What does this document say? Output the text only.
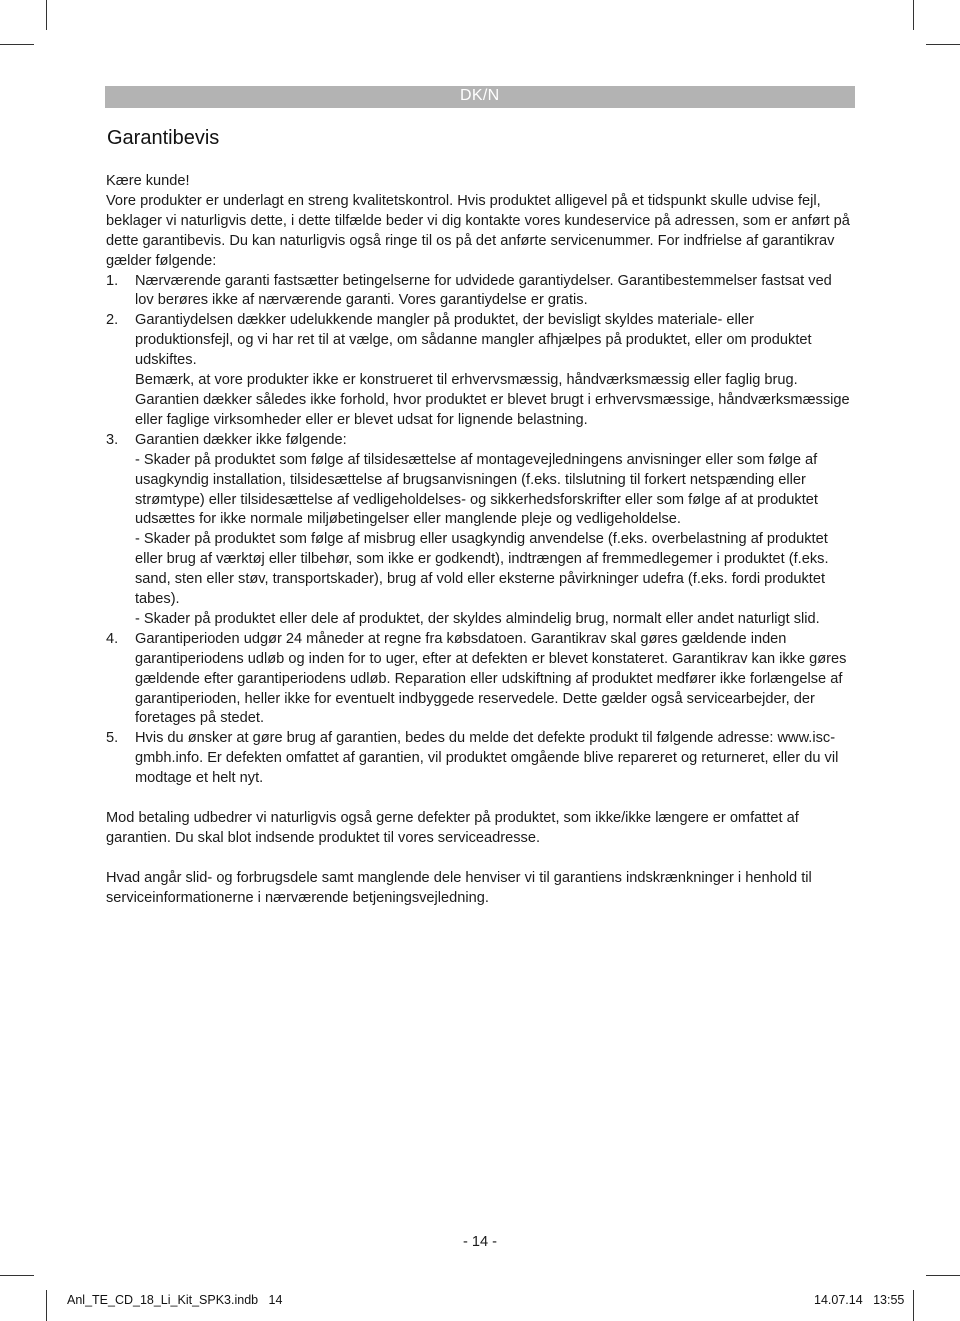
DK/N
Garantibevis

Kære kunde!

Vore produkter er underlagt en streng kvalitetskontrol. Hvis produktet alligevel på et tidspunkt skulle udvise fejl, beklager vi naturligvis dette, i dette tilfælde beder vi dig kontakte vores kundeservice på adressen, som er anført på dette garantibevis. Du kan naturligvis også ringe til os på det anførte servicenummer. For indfrielse af garantikrav gælder følgende:

1.	Nærværende garanti fastsætter betingelserne for udvidede garantiydelser. Garantibestemmelser fastsat ved lov berøres ikke af nærværende garanti. Vores garantiydelse er gratis.

2.	Garantiydelsen dækker udelukkende mangler på produktet, der bevisligt skyldes materiale- eller produktionsfejl, og vi har ret til at vælge, om sådanne mangler afhjælpes på produktet, eller om produktet udskiftes.

Bemærk, at vore produkter ikke er konstrueret til erhvervsmæssig, håndværksmæssig eller faglig brug. Garantien dækker således ikke forhold, hvor produktet er blevet brugt i erhvervsmæssige, håndværksmæssige eller faglige virksomheder eller er blevet udsat for lignende belastning.

3.	Garantien dækker ikke følgende:

- Skader på produktet som følge af tilsidesættelse af montagevejledningens anvisninger eller som følge af usagkyndig installation, tilsidesættelse af brugsanvisningen (f.eks. tilslutning til forkert netspænding eller strømtype) eller tilsidesættelse af vedligeholdelses- og sikkerhedsforskrifter eller som følge af at produktet udsættes for ikke normale miljøbetingelser eller manglende pleje og vedligeholdelse.

- Skader på produktet som følge af misbrug eller usagkyndig anvendelse (f.eks. overbelastning af produktet eller brug af værktøj eller tilbehør, som ikke er godkendt), indtrængen af fremmedlegemer i produktet (f.eks. sand, sten eller støv, transportskader), brug af vold eller eksterne påvirkninger udefra (f.eks. fordi produktet tabes).

- Skader på produktet eller dele af produktet, der skyldes almindelig brug, normalt eller andet naturligt slid.

4.	Garantiperioden udgør 24 måneder at regne fra købsdatoen. Garantikrav skal gøres gældende inden garantiperiodens udløb og inden for to uger, efter at defekten er blevet konstateret. Garantikrav kan ikke gøres gældende efter garantiperiodens udløb. Reparation eller udskiftning af produktet medfører ikke forlængelse af garantiperioden, heller ikke for eventuelt indbyggede reservedele. Dette gælder også servicearbejder, der foretages på stedet.

5.	Hvis du ønsker at gøre brug af garantien, bedes du melde det defekte produkt til følgende adresse: www.isc-gmbh.info. Er defekten omfattet af garantien, vil produktet omgående blive repareret og returneret, eller du vil modtage et helt nyt.

Mod betaling udbedrer vi naturligvis også gerne defekter på produktet, som ikke/ikke længere er omfattet af garantien. Du skal blot indsende produktet til vores serviceadresse.

Hvad angår slid- og forbrugsdele samt manglende dele henviser vi til garantiens indskrænkninger i henhold til serviceinformationerne i nærværende betjeningsvejledning.

- 14 -
Anl_TE_CD_18_Li_Kit_SPK3.indb   14	14.07.14   13:55
